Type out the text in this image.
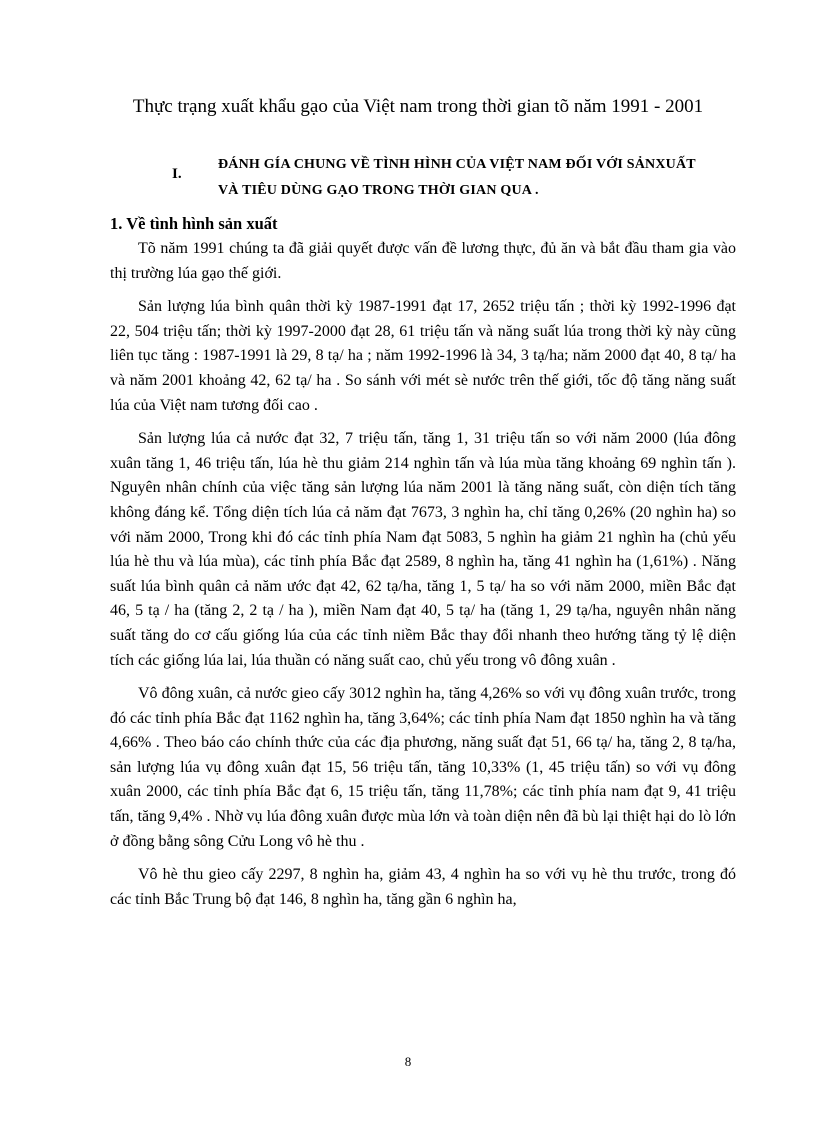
Thực trạng xuất khẩu gạo của Việt nam trong thời gian tõ năm 1991 - 2001
I.
ĐÁNH GÍA CHUNG VỀ TÌNH HÌNH CỦA VIỆT NAM ĐỐI VỚI SẢNXUẤT VÀ TIÊU DÙNG GẠO TRONG THỜI GIAN QUA .
1. Về tình hình sản xuất

Tõ năm 1991 chúng ta đã giải quyết được vấn đề lương thực, đủ ăn và bắt đầu tham gia vào thị trường lúa gạo thế giới.

Sản lượng lúa bình quân thời kỳ 1987-1991 đạt 17, 2652 triệu tấn ; thời kỳ 1992-1996 đạt 22, 504 triệu tấn; thời kỳ 1997-2000 đạt 28, 61 triệu tấn và năng suất lúa trong thời kỳ này cũng liên tục tăng : 1987-1991 là 29, 8 tạ/ ha ; năm 1992-1996 là 34, 3 tạ/ha; năm 2000 đạt 40, 8 tạ/ ha và năm 2001 khoảng 42, 62 tạ/ ha . So sánh với mét sè nước trên thế giới, tốc độ tăng năng suất lúa của Việt nam tương đối cao .

Sản lượng lúa cả nước đạt 32, 7 triệu tấn, tăng 1, 31 triệu tấn so với năm 2000 (lúa đông xuân tăng 1, 46 triệu tấn, lúa hè thu giảm 214 nghìn tấn và lúa mùa tăng khoảng 69 nghìn tấn ). Nguyên nhân chính của việc tăng sản lượng lúa năm 2001 là tăng năng suất, còn diện tích tăng không đáng kể. Tổng diện tích lúa cả năm đạt 7673, 3 nghìn ha, chỉ tăng 0,26% (20 nghìn ha) so với năm 2000, Trong khi đó các tỉnh phía Nam đạt 5083, 5 nghìn ha giảm 21 nghìn ha (chủ yếu lúa hè thu và lúa mùa), các tỉnh phía Bắc đạt 2589, 8 nghìn ha, tăng 41 nghìn ha (1,61%) . Năng suất lúa bình quân cả năm ước đạt 42, 62 tạ/ha, tăng 1, 5 tạ/ ha so với năm 2000, miền Bắc đạt 46, 5 tạ / ha (tăng 2, 2 tạ / ha ), miền Nam đạt 40, 5 tạ/ ha (tăng 1, 29 tạ/ha, nguyên nhân năng suất tăng do cơ cấu giống lúa của các tỉnh niềm Bắc thay đổi nhanh theo hướng tăng tỷ lệ diện tích các giống lúa lai, lúa thuần có năng suất cao, chủ yếu trong vô đông xuân .

Vô đông xuân, cả nước gieo cấy 3012 nghìn ha, tăng 4,26% so với vụ đông xuân trước, trong đó các tỉnh phía Bắc đạt 1162 nghìn ha, tăng 3,64%; các tỉnh phía Nam đạt 1850 nghìn ha và tăng 4,66% . Theo báo cáo chính thức của các địa phương, năng suất đạt 51, 66 tạ/ ha, tăng 2, 8 tạ/ha, sản lượng lúa vụ đông xuân đạt 15, 56 triệu tấn, tăng 10,33% (1, 45 triệu tấn) so với vụ đông xuân 2000, các tỉnh phía Bắc đạt 6, 15 triệu tấn, tăng 11,78%; các tỉnh phía nam đạt 9, 41 triệu tấn, tăng 9,4% . Nhờ vụ lúa đông xuân được mùa lớn và toàn diện nên đã bù lại thiệt hại do lò lớn ở đồng bằng sông Cửu Long vô hè thu .

Vô hè thu gieo cấy 2297, 8 nghìn ha, giảm 43, 4 nghìn ha so với vụ hè thu trước, trong đó các tỉnh Bắc Trung bộ đạt 146, 8 nghìn ha, tăng gần 6 nghìn ha,

8
